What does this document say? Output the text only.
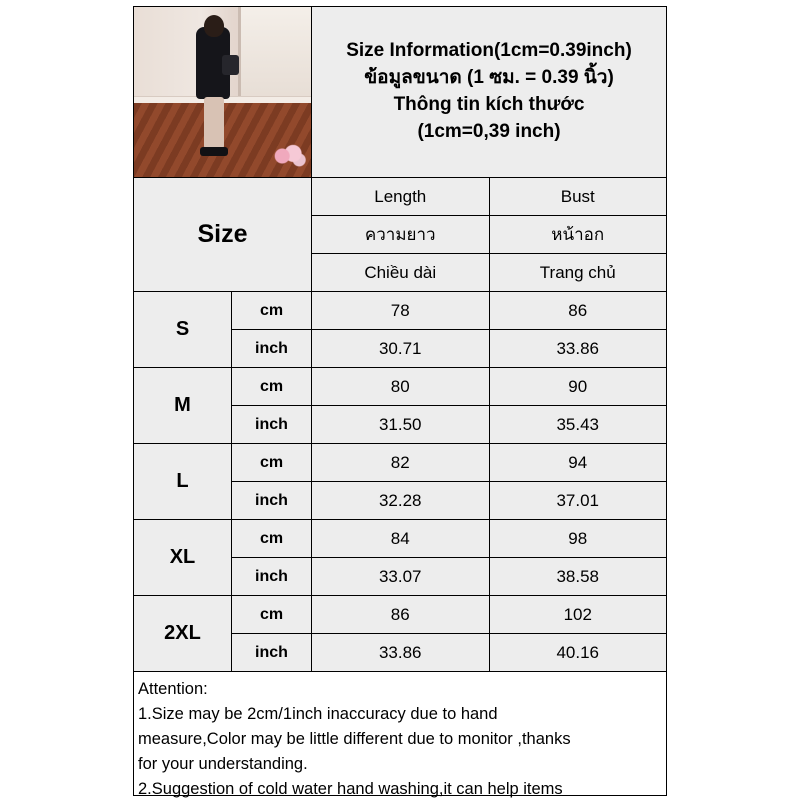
Size Information(1cm=0.39inch)
ข้อมูลขนาด (1 ซม. = 0.39 นิ้ว)
Thông tin kích thước
(1cm=0,39 inch)
Size
Length	Bust
ความยาว	หน้าอก
Chiều dài	Trang chủ
S
cm	78	86
inch	30.71	33.86
M
cm	80	90
inch	31.50	35.43
L
cm	82	94
inch	32.28	37.01
XL
cm	84	98
inch	33.07	38.58
2XL
cm	86	102
inch	33.86	40.16

Attention:

1.Size may be 2cm/1inch inaccuracy due to hand

measure,Color may be little different due to monitor ,thanks

for your understanding.

2.Suggestion of cold water hand washing,it can help items
